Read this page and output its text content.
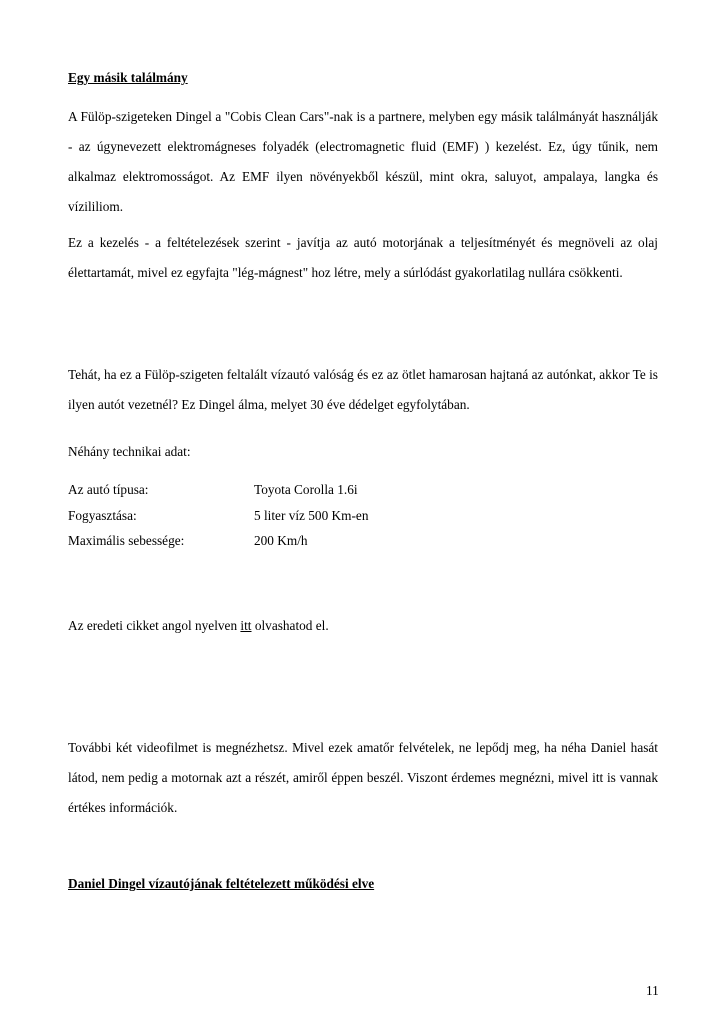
Egy másik találmány

A Fülöp-szigeteken Dingel a "Cobis Clean Cars"-nak is a partnere, melyben egy másik találmányát használják - az úgynevezett elektromágneses folyadék (electromagnetic fluid (EMF) ) kezelést. Ez, úgy tűnik, nem alkalmaz elektromosságot. Az EMF ilyen növényekből készül, mint okra, saluyot, ampalaya, langka és vízililiom.

Ez a kezelés - a feltételezések szerint - javítja az autó motorjának a teljesítményét és megnöveli az olaj élettartamát, mivel ez egyfajta "lég-mágnest" hoz létre, mely a súrlódást gyakorlatilag nullára csökkenti.

Tehát, ha ez a Fülöp-szigeten feltalált vízautó valóság és ez az ötlet hamarosan hajtaná az autónkat, akkor Te is ilyen autót vezetnél? Ez Dingel álma, melyet 30 éve dédelget egyfolytában.

Néhány technikai adat:

Az autó típusa:	Toyota Corolla 1.6i
Fogyasztása:	5 liter víz 500 Km-en
Maximális sebessége:	200 Km/h

Az eredeti cikket angol nyelven itt olvashatod el.

További két videofilmet is megnézhetsz. Mivel ezek amatőr felvételek, ne lepődj meg, ha néha Daniel hasát látod, nem pedig a motornak azt a részét, amiről éppen beszél. Viszont érdemes megnézni, mivel itt is vannak értékes információk.

Daniel Dingel vízautójának feltételezett működési elve

11
